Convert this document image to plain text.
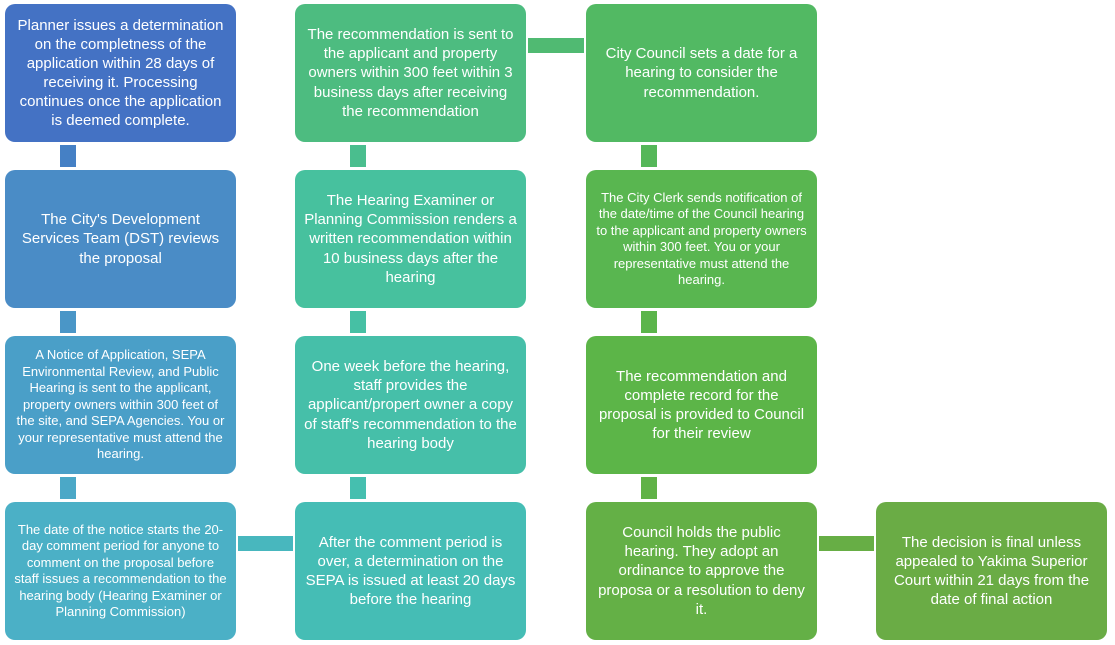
Planner issues a determination on the completness of the application within 28 days of receiving it. Processing continues once the application is deemed complete.
The City's Development Services Team (DST) reviews the proposal
A Notice of Application, SEPA Environmental Review, and Public Hearing is sent to the applicant, property owners within 300 feet of the site, and SEPA Agencies. You or your representative must attend the hearing.
The date of the notice starts the 20-day comment period for anyone to comment on the proposal before staff issues a recommendation to the hearing body (Hearing Examiner or Planning Commission)
After the comment period is over, a determination on the SEPA is issued at least 20 days before the hearing
One week before the hearing, staff provides the applicant/propert owner a copy of staff's recommendation to the hearing body
The Hearing Examiner or Planning Commission renders a written recommendation within 10 business days after the hearing
The recommendation is sent to the applicant and property owners within 300 feet within 3 business days after receiving the recommendation
City Council sets a date for a hearing to consider the recommendation.
The City Clerk sends notification of the date/time of the Council hearing to the applicant and property owners within 300 feet. You or your representative must attend the hearing.
The recommendation and complete record for the proposal is provided to Council for their review
Council holds the public hearing. They adopt an ordinance to approve the proposa or a resolution to deny it.
The decision is final unless appealed to Yakima Superior Court within 21 days from the date of final action
